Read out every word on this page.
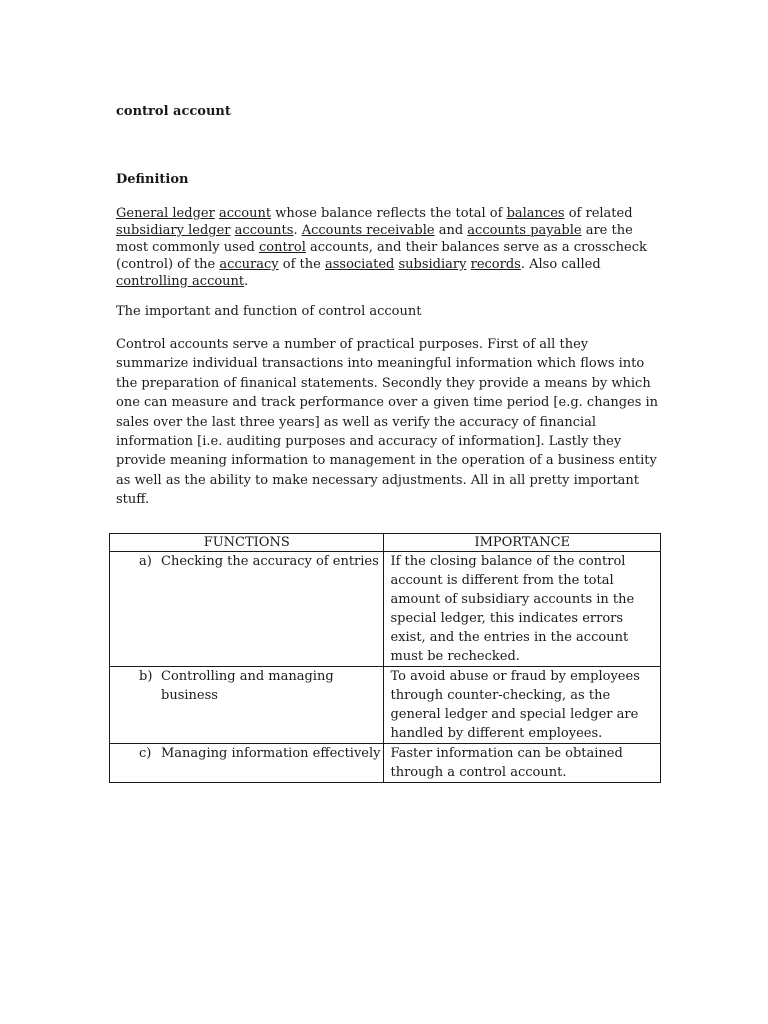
control account

Definition

General ledger account whose balance reflects the total of balances of related subsidiary ledger accounts. Accounts receivable and accounts payable are the most commonly used control accounts, and their balances serve as a crosscheck (control) of the accuracy of the associated subsidiary records. Also called controlling account.

The important and function of control account

Control accounts serve a number of practical purposes. First of all they summarize individual transactions into meaningful information which flows into the preparation of finanical statements. Secondly they provide a means by which one can measure and track performance over a given time period [e.g. changes in sales over the last three years] as well as verify the accuracy of financial information [i.e. auditing purposes and accuracy of information]. Lastly they provide meaning information to management in the operation of a business entity as well as the ability to make necessary adjustments. All in all pretty important stuff.

FUNCTIONS	IMPORTANCE

a) Checking the accuracy of entries	If the closing balance of the control account is different from the total amount of subsidiary accounts in the special ledger, this indicates errors exist, and the entries in the account must be rechecked.

b) Controlling and managing business	To avoid abuse or fraud by employees through counter-checking, as the general ledger and special ledger are handled by different employees.

c) Managing information effectively	Faster information can be obtained through a control account.
